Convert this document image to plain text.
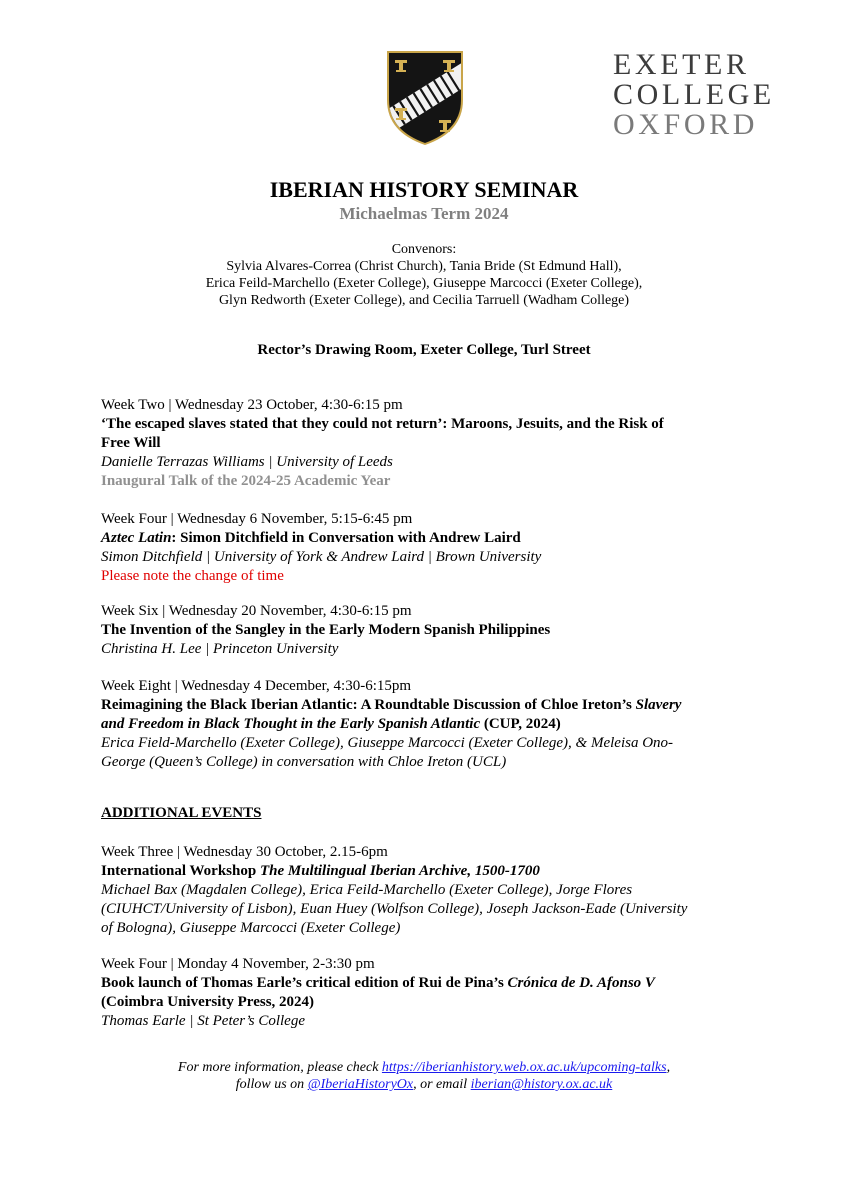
EXETER
COLLEGE
OXFORD
IBERIAN HISTORY SEMINAR
Michaelmas Term 2024
Convenors:
Sylvia Alvares-Correa (Christ Church), Tania Bride (St Edmund Hall),
Erica Feild-Marchello (Exeter College), Giuseppe Marcocci (Exeter College),
Glyn Redworth (Exeter College), and Cecilia Tarruell (Wadham College)
Rector’s Drawing Room, Exeter College, Turl Street
Week Two | Wednesday 23 October, 4:30-6:15 pm
‘The escaped slaves stated that they could not return’: Maroons, Jesuits, and the Risk of
Free Will
Danielle Terrazas Williams | University of Leeds
Inaugural Talk of the 2024-25 Academic Year
Week Four | Wednesday 6 November, 5:15-6:45 pm
Aztec Latin: Simon Ditchfield in Conversation with Andrew Laird
Simon Ditchfield | University of York & Andrew Laird | Brown University
Please note the change of time
Week Six | Wednesday 20 November, 4:30-6:15 pm
The Invention of the Sangley in the Early Modern Spanish Philippines
Christina H. Lee | Princeton University
Week Eight | Wednesday 4 December, 4:30-6:15pm
Reimagining the Black Iberian Atlantic: A Roundtable Discussion of Chloe Ireton’s Slavery
and Freedom in Black Thought in the Early Spanish Atlantic (CUP, 2024)
Erica Field-Marchello (Exeter College), Giuseppe Marcocci (Exeter College), & Meleisa Ono-
George (Queen’s College) in conversation with Chloe Ireton (UCL)
ADDITIONAL EVENTS
Week Three | Wednesday 30 October, 2.15-6pm
International Workshop The Multilingual Iberian Archive, 1500-1700
Michael Bax (Magdalen College), Erica Feild-Marchello (Exeter College), Jorge Flores
(CIUHCT/University of Lisbon), Euan Huey (Wolfson College), Joseph Jackson-Eade (University
of Bologna), Giuseppe Marcocci (Exeter College)
Week Four | Monday 4 November, 2-3:30 pm
Book launch of Thomas Earle’s critical edition of Rui de Pina’s Crónica de D. Afonso V
(Coimbra University Press, 2024)
Thomas Earle | St Peter’s College
For more information, please check https://iberianhistory.web.ox.ac.uk/upcoming-talks,
follow us on @IberiaHistoryOx, or email iberian@history.ox.ac.uk
